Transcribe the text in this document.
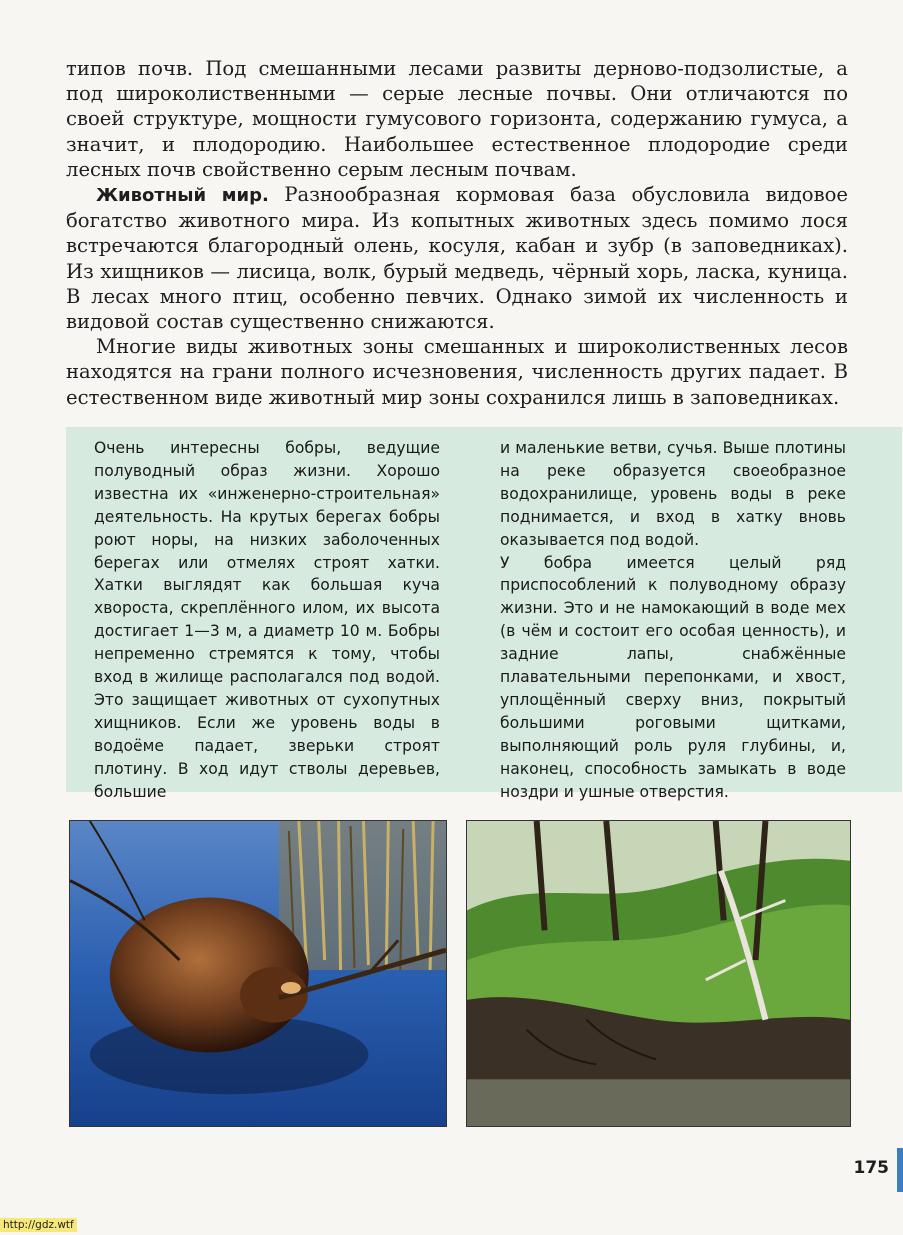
типов почв. Под смешанными лесами развиты дерново-подзолистые, а под широколиственными — серые лесные почвы. Они отличаются по своей структуре, мощности гумусового горизонта, содержанию гумуса, а значит, и плодородию. Наибольшее естественное плодородие среди лесных почв свойственно серым лесным почвам.

Животный мир. Разнообразная кормовая база обусловила видовое богатство животного мира. Из копытных животных здесь помимо лося встречаются благородный олень, косуля, кабан и зубр (в заповедниках). Из хищников — лисица, волк, бурый медведь, чёрный хорь, ласка, куница. В лесах много птиц, особенно певчих. Однако зимой их численность и видовой состав существенно снижаются.

Многие виды животных зоны смешанных и широколиственных лесов находятся на грани полного исчезновения, численность других падает. В естественном виде животный мир зоны сохранился лишь в заповедниках.

Очень интересны бобры, ведущие полуводный образ жизни. Хорошо известна их «инженерно-строительная» деятельность. На крутых берегах бобры роют норы, на низких заболоченных берегах или отмелях строят хатки. Хатки выглядят как большая куча хвороста, скреплённого илом, их высота достигает 1—3 м, а диаметр 10 м. Бобры непременно стремятся к тому, чтобы вход в жилище располагался под водой. Это защищает животных от сухопутных хищников. Если же уровень воды в водоёме падает, зверьки строят плотину. В ход идут стволы деревьев, большие

и маленькие ветви, сучья. Выше плотины на реке образуется своеобразное водохранилище, уровень воды в реке поднимается, и вход в хатку вновь оказывается под водой.

У бобра имеется целый ряд приспособлений к полуводному образу жизни. Это и не намокающий в воде мех (в чём и состоит его особая ценность), и задние лапы, снабжённые плавательными перепонками, и хвост, уплощённый сверху вниз, покрытый большими роговыми щитками, выполняющий роль руля глубины, и, наконец, способность замыкать в воде ноздри и ушные отверстия.

175
http://gdz.wtf
